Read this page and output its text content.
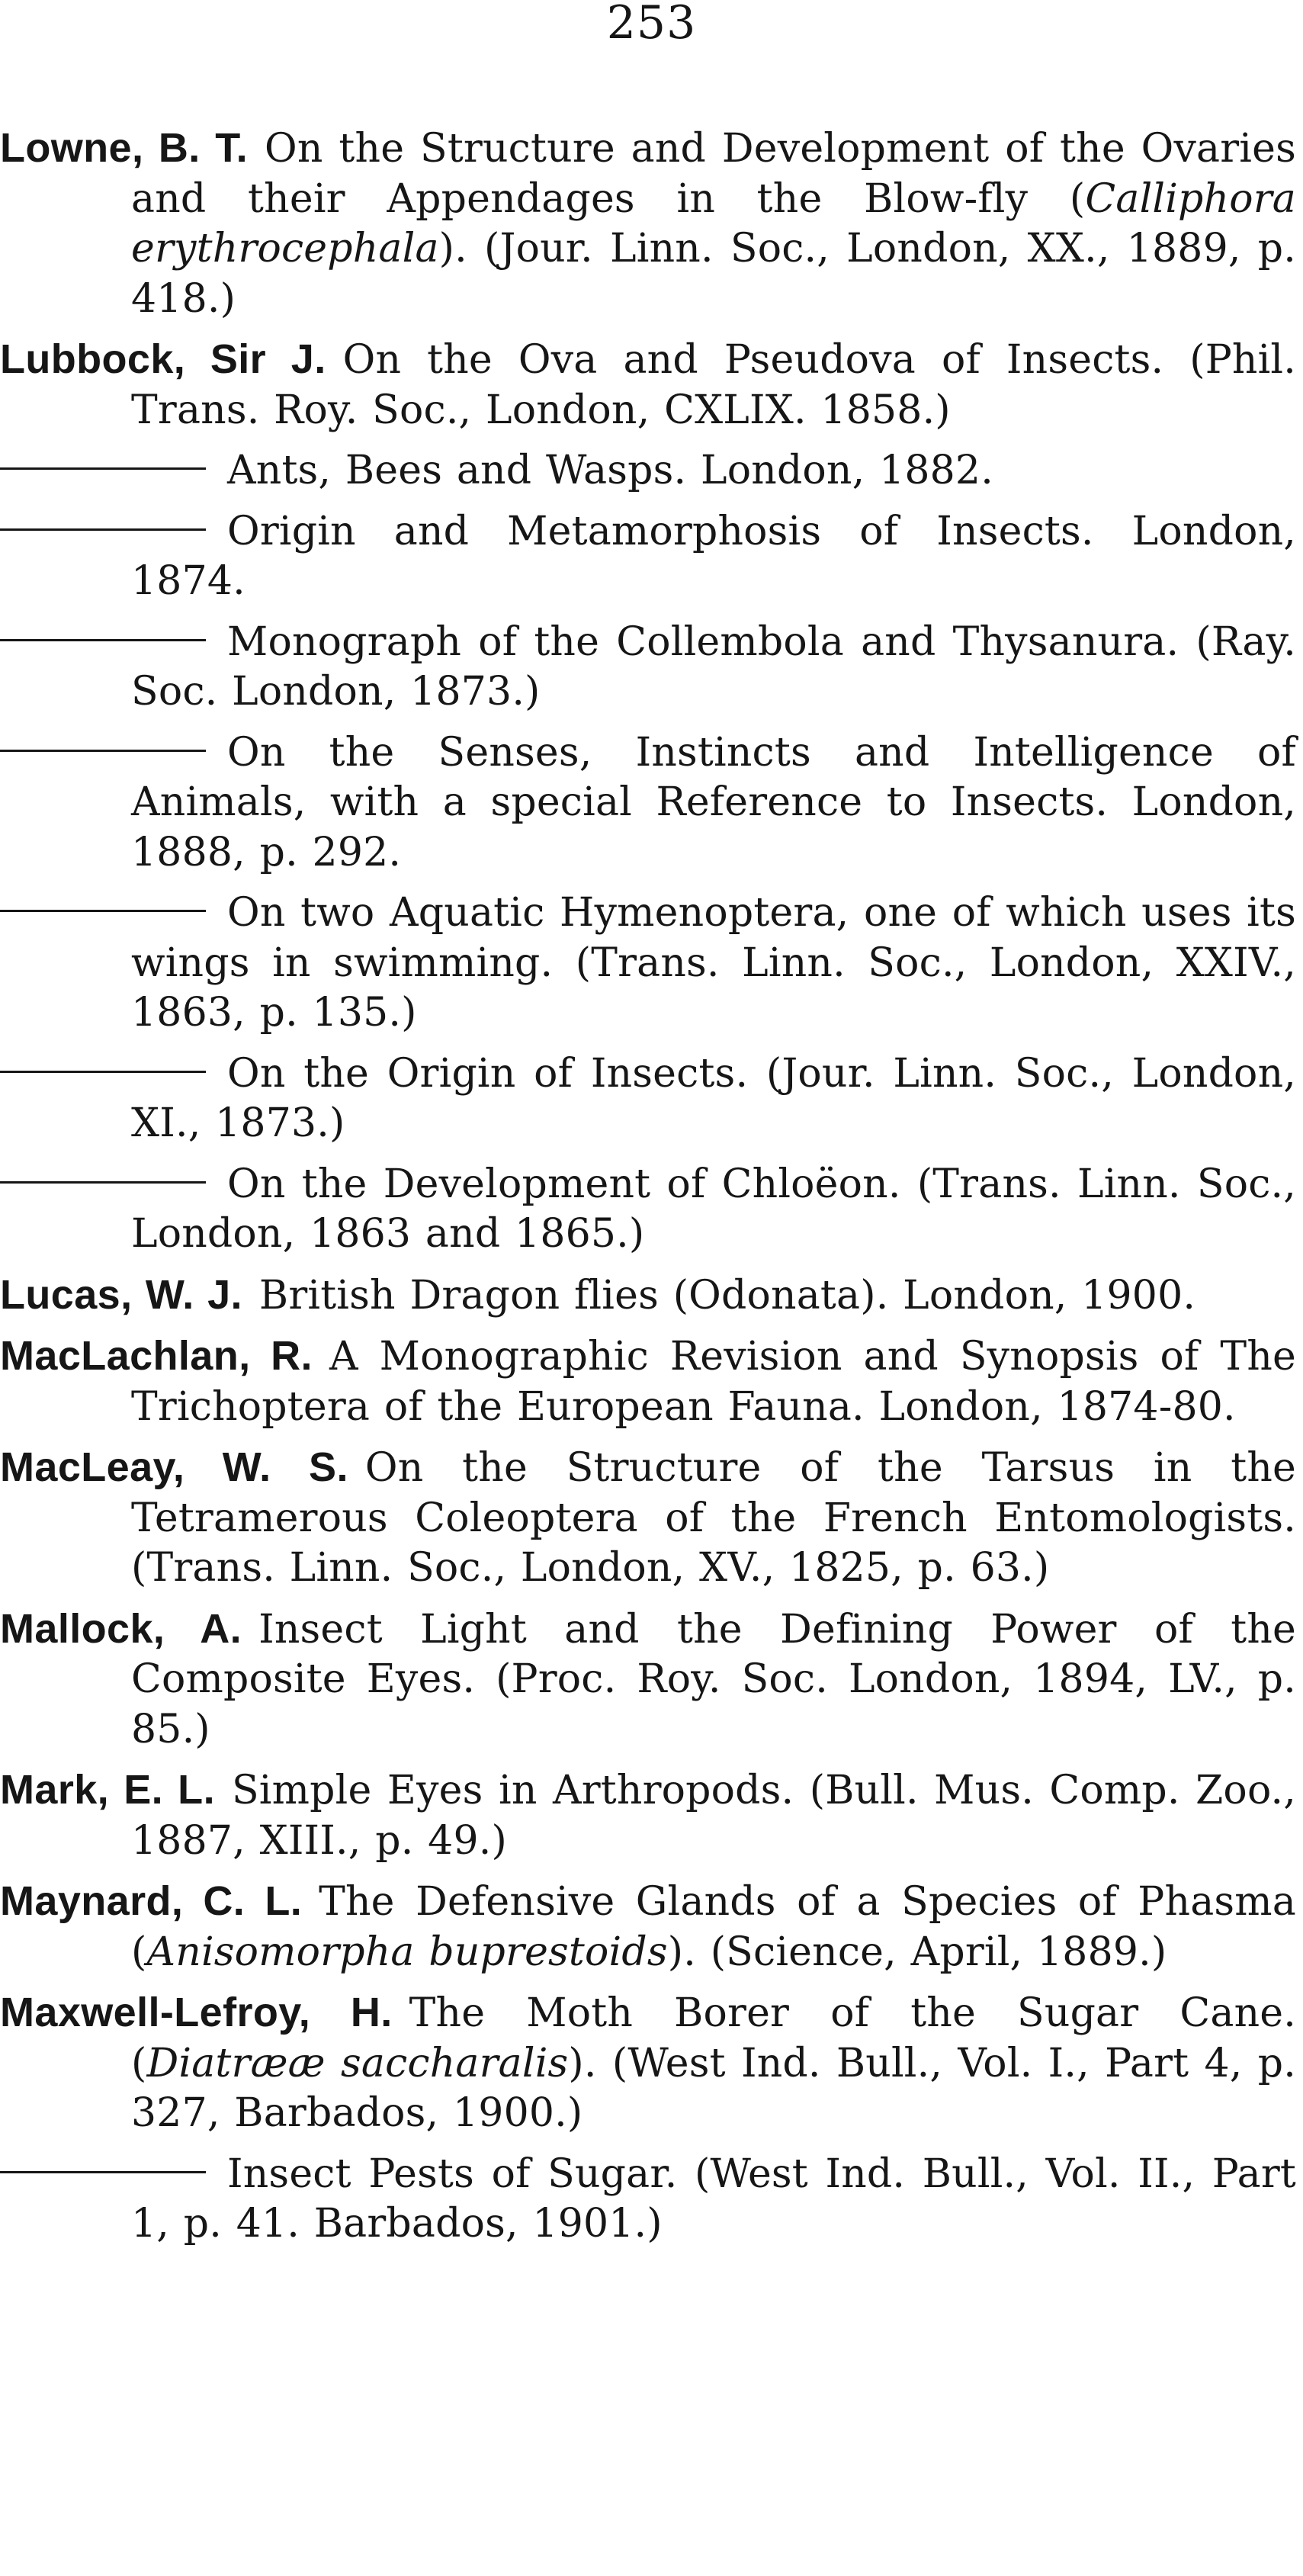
253

Lowne, B. T. On the Structure and Development of the Ovaries and their Appendages in the Blow-fly (Calliphora erythrocephala). (Jour. Linn. Soc., London, XX., 1889, p. 418.)

Lubbock, Sir J. On the Ova and Pseudova of Insects. (Phil. Trans. Roy. Soc., London, CXLIX. 1858.)

Ants, Bees and Wasps. London, 1882.

Origin and Metamorphosis of Insects. London, 1874.

Monograph of the Collembola and Thysanura. (Ray. Soc. London, 1873.)

On the Senses, Instincts and Intelligence of Animals, with a special Reference to Insects. London, 1888, p. 292.

On two Aquatic Hymenoptera, one of which uses its wings in swimming. (Trans. Linn. Soc., London, XXIV., 1863, p. 135.)

On the Origin of Insects. (Jour. Linn. Soc., London, XI., 1873.)

On the Development of Chloëon. (Trans. Linn. Soc., London, 1863 and 1865.)

Lucas, W. J. British Dragon flies (Odonata). London, 1900.

MacLachlan, R. A Monographic Revision and Synopsis of The Trichoptera of the European Fauna. London, 1874-80.

MacLeay, W. S. On the Structure of the Tarsus in the Tetramerous Coleoptera of the French Entomologists. (Trans. Linn. Soc., London, XV., 1825, p. 63.)

Mallock, A. Insect Light and the Defining Power of the Composite Eyes. (Proc. Roy. Soc. London, 1894, LV., p. 85.)

Mark, E. L. Simple Eyes in Arthropods. (Bull. Mus. Comp. Zoo., 1887, XIII., p. 49.)

Maynard, C. L. The Defensive Glands of a Species of Phasma (Anisomorpha buprestoids). (Science, April, 1889.)

Maxwell-Lefroy, H. The Moth Borer of the Sugar Cane. (Diatrææ saccharalis). (West Ind. Bull., Vol. I., Part 4, p. 327, Barbados, 1900.)

Insect Pests of Sugar. (West Ind. Bull., Vol. II., Part 1, p. 41. Barbados, 1901.)
